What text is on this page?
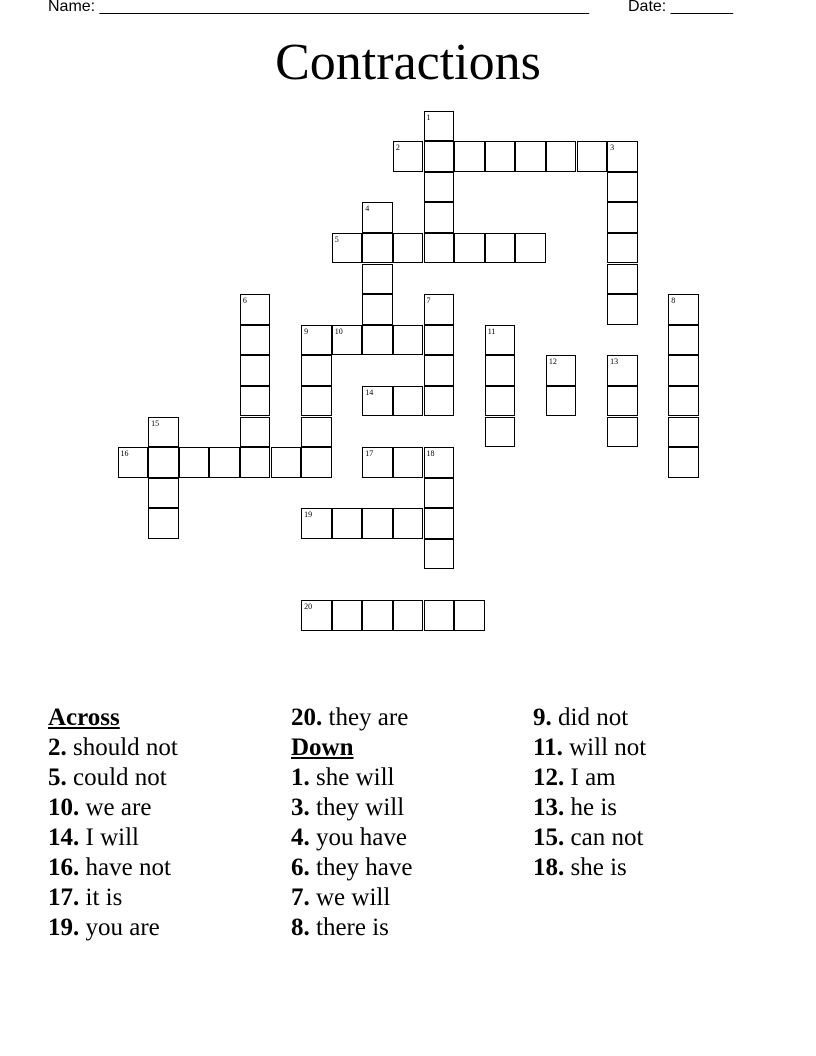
Name: _______________________________________________________ Date: _______
Contractions
1
2	3
4
5
6	7	8
9	10	11
12	13
14
15
16	17	18
19
20
Across
2. should not
5. could not
10. we are
14. I will
16. have not
17. it is
19. you are
20. they are
Down
1. she will
3. they will
4. you have
6. they have
7. we will
8. there is
9. did not
11. will not
12. I am
13. he is
15. can not
18. she is
